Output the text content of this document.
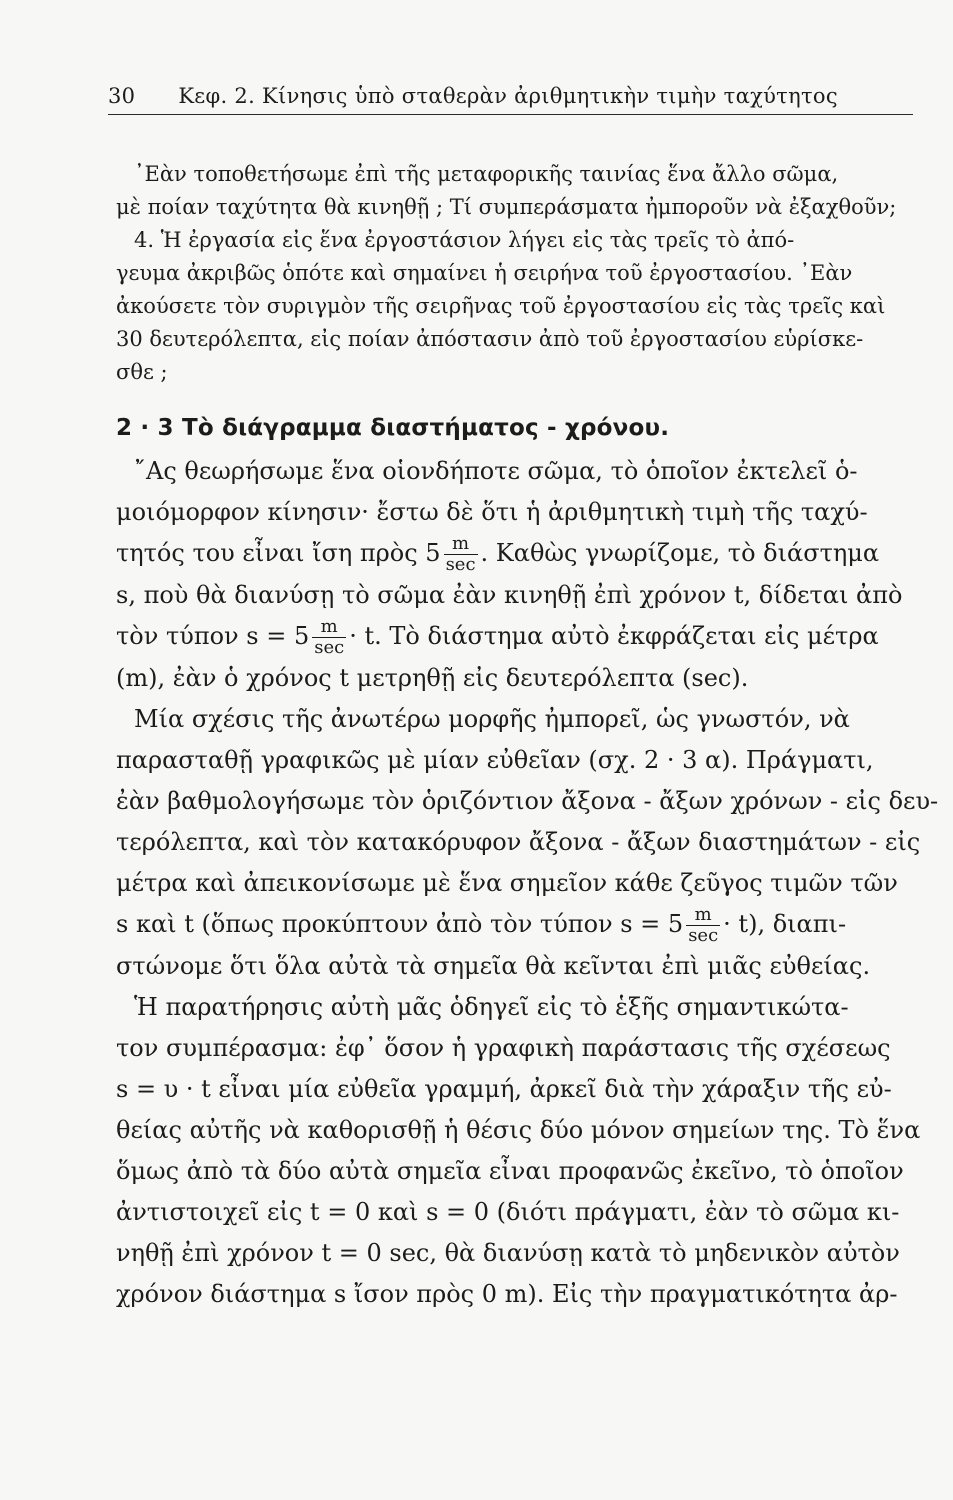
30 Κεφ. 2. Κίνησις ὑπὸ σταθερὰν ἀριθμητικὴν τιμὴν ταχύτητος
᾿Εὰν τοποθετήσωμε ἐπὶ τῆς μεταφορικῆς ταινίας ἕνα ἄλλο σῶμα,
μὲ ποίαν ταχύτητα θὰ κινηθῇ ; Τί συμπεράσματα ἠμποροῦν νὰ ἐξαχθοῦν;
4. Ἡ ἐργασία εἰς ἕνα ἐργοστάσιον λήγει εἰς τὰς τρεῖς τὸ ἀπό-
γευμα ἀκριβῶς ὁπότε καὶ σημαίνει ἡ σειρήνα τοῦ ἐργοστασίου. ᾿Εὰν
ἀκούσετε τὸν συριγμὸν τῆς σειρῆνας τοῦ ἐργοστασίου εἰς τὰς τρεῖς καὶ
30 δευτερόλεπτα, εἰς ποίαν ἀπόστασιν ἀπὸ τοῦ ἐργοστασίου εὑρίσκε-
σθε ;
2 · 3 Τὸ διάγραμμα διαστήματος - χρόνου.
῎Ας θεωρήσωμε ἕνα οἱονδήποτε σῶμα, τὸ ὁποῖον ἐκτελεῖ ὁ-
μοιόμορφον κίνησιν· ἔστω δὲ ὅτι ἡ ἀριθμητικὴ τιμὴ τῆς ταχύ-
τητός του εἶναι ἴση πρὸς $5 \frac{m}{\sec}$ . Καθὼς γνωρίζομε, τὸ διάστημα
s, ποὺ θὰ διανύσῃ τὸ σῶμα ἐὰν κινηθῇ ἐπὶ χρόνον t, δίδεται ἀπὸ
τὸν τύπον $s = 5 \frac{m}{\sec} \cdot t$. Τὸ διάστημα αὐτὸ ἐκφράζεται εἰς μέτρα
(m), ἐὰν ὁ χρόνος t μετρηθῇ εἰς δευτερόλεπτα (sec).
Μία σχέσις τῆς ἀνωτέρω μορφῆς ἠμπορεῖ, ὡς γνωστόν, νὰ
παρασταθῇ γραφικῶς μὲ μίαν εὐθεῖαν (σχ. 2 · 3 α). Πράγματι,
ἐὰν βαθμολογήσωμε τὸν ὁριζόντιον ἄξονα - ἄξων χρόνων - εἰς δευ-
τερόλεπτα, καὶ τὸν κατακόρυφον ἄξονα - ἄξων διαστημάτων - εἰς
μέτρα καὶ ἀπεικονίσωμε μὲ ἕνα σημεῖον κάθε ζεῦγος τιμῶν τῶν
s καὶ t (ὅπως προκύπτουν ἀπὸ τὸν τύπον $s = 5 \frac{m}{\sec} \cdot t$), διαπι-
στώνομε ὅτι ὅλα αὐτὰ τὰ σημεῖα θὰ κεῖνται ἐπὶ μιᾶς εὐθείας.
Ἡ παρατήρησις αὐτὴ μᾶς ὁδηγεῖ εἰς τὸ ἑξῆς σημαντικώτα-
τον συμπέρασμα: ἐφ᾿ ὅσον ἡ γραφικὴ παράστασις τῆς σχέσεως
s = υ · t εἶναι μία εὐθεῖα γραμμή, ἀρκεῖ διὰ τὴν χάραξιν τῆς εὐ-
θείας αὐτῆς νὰ καθορισθῇ ἡ θέσις δύο μόνον σημείων της. Τὸ ἕνα
ὅμως ἀπὸ τὰ δύο αὐτὰ σημεῖα εἶναι προφανῶς ἐκεῖνο, τὸ ὁποῖον
ἀντιστοιχεῖ εἰς t = 0 καὶ s = 0 (διότι πράγματι, ἐὰν τὸ σῶμα κι-
νηθῇ ἐπὶ χρόνον t = 0 sec, θὰ διανύσῃ κατὰ τὸ μηδενικὸν αὐτὸν
χρόνον διάστημα s ἴσον πρὸς 0 m). Εἰς τὴν πραγματικότητα ἀρ-
